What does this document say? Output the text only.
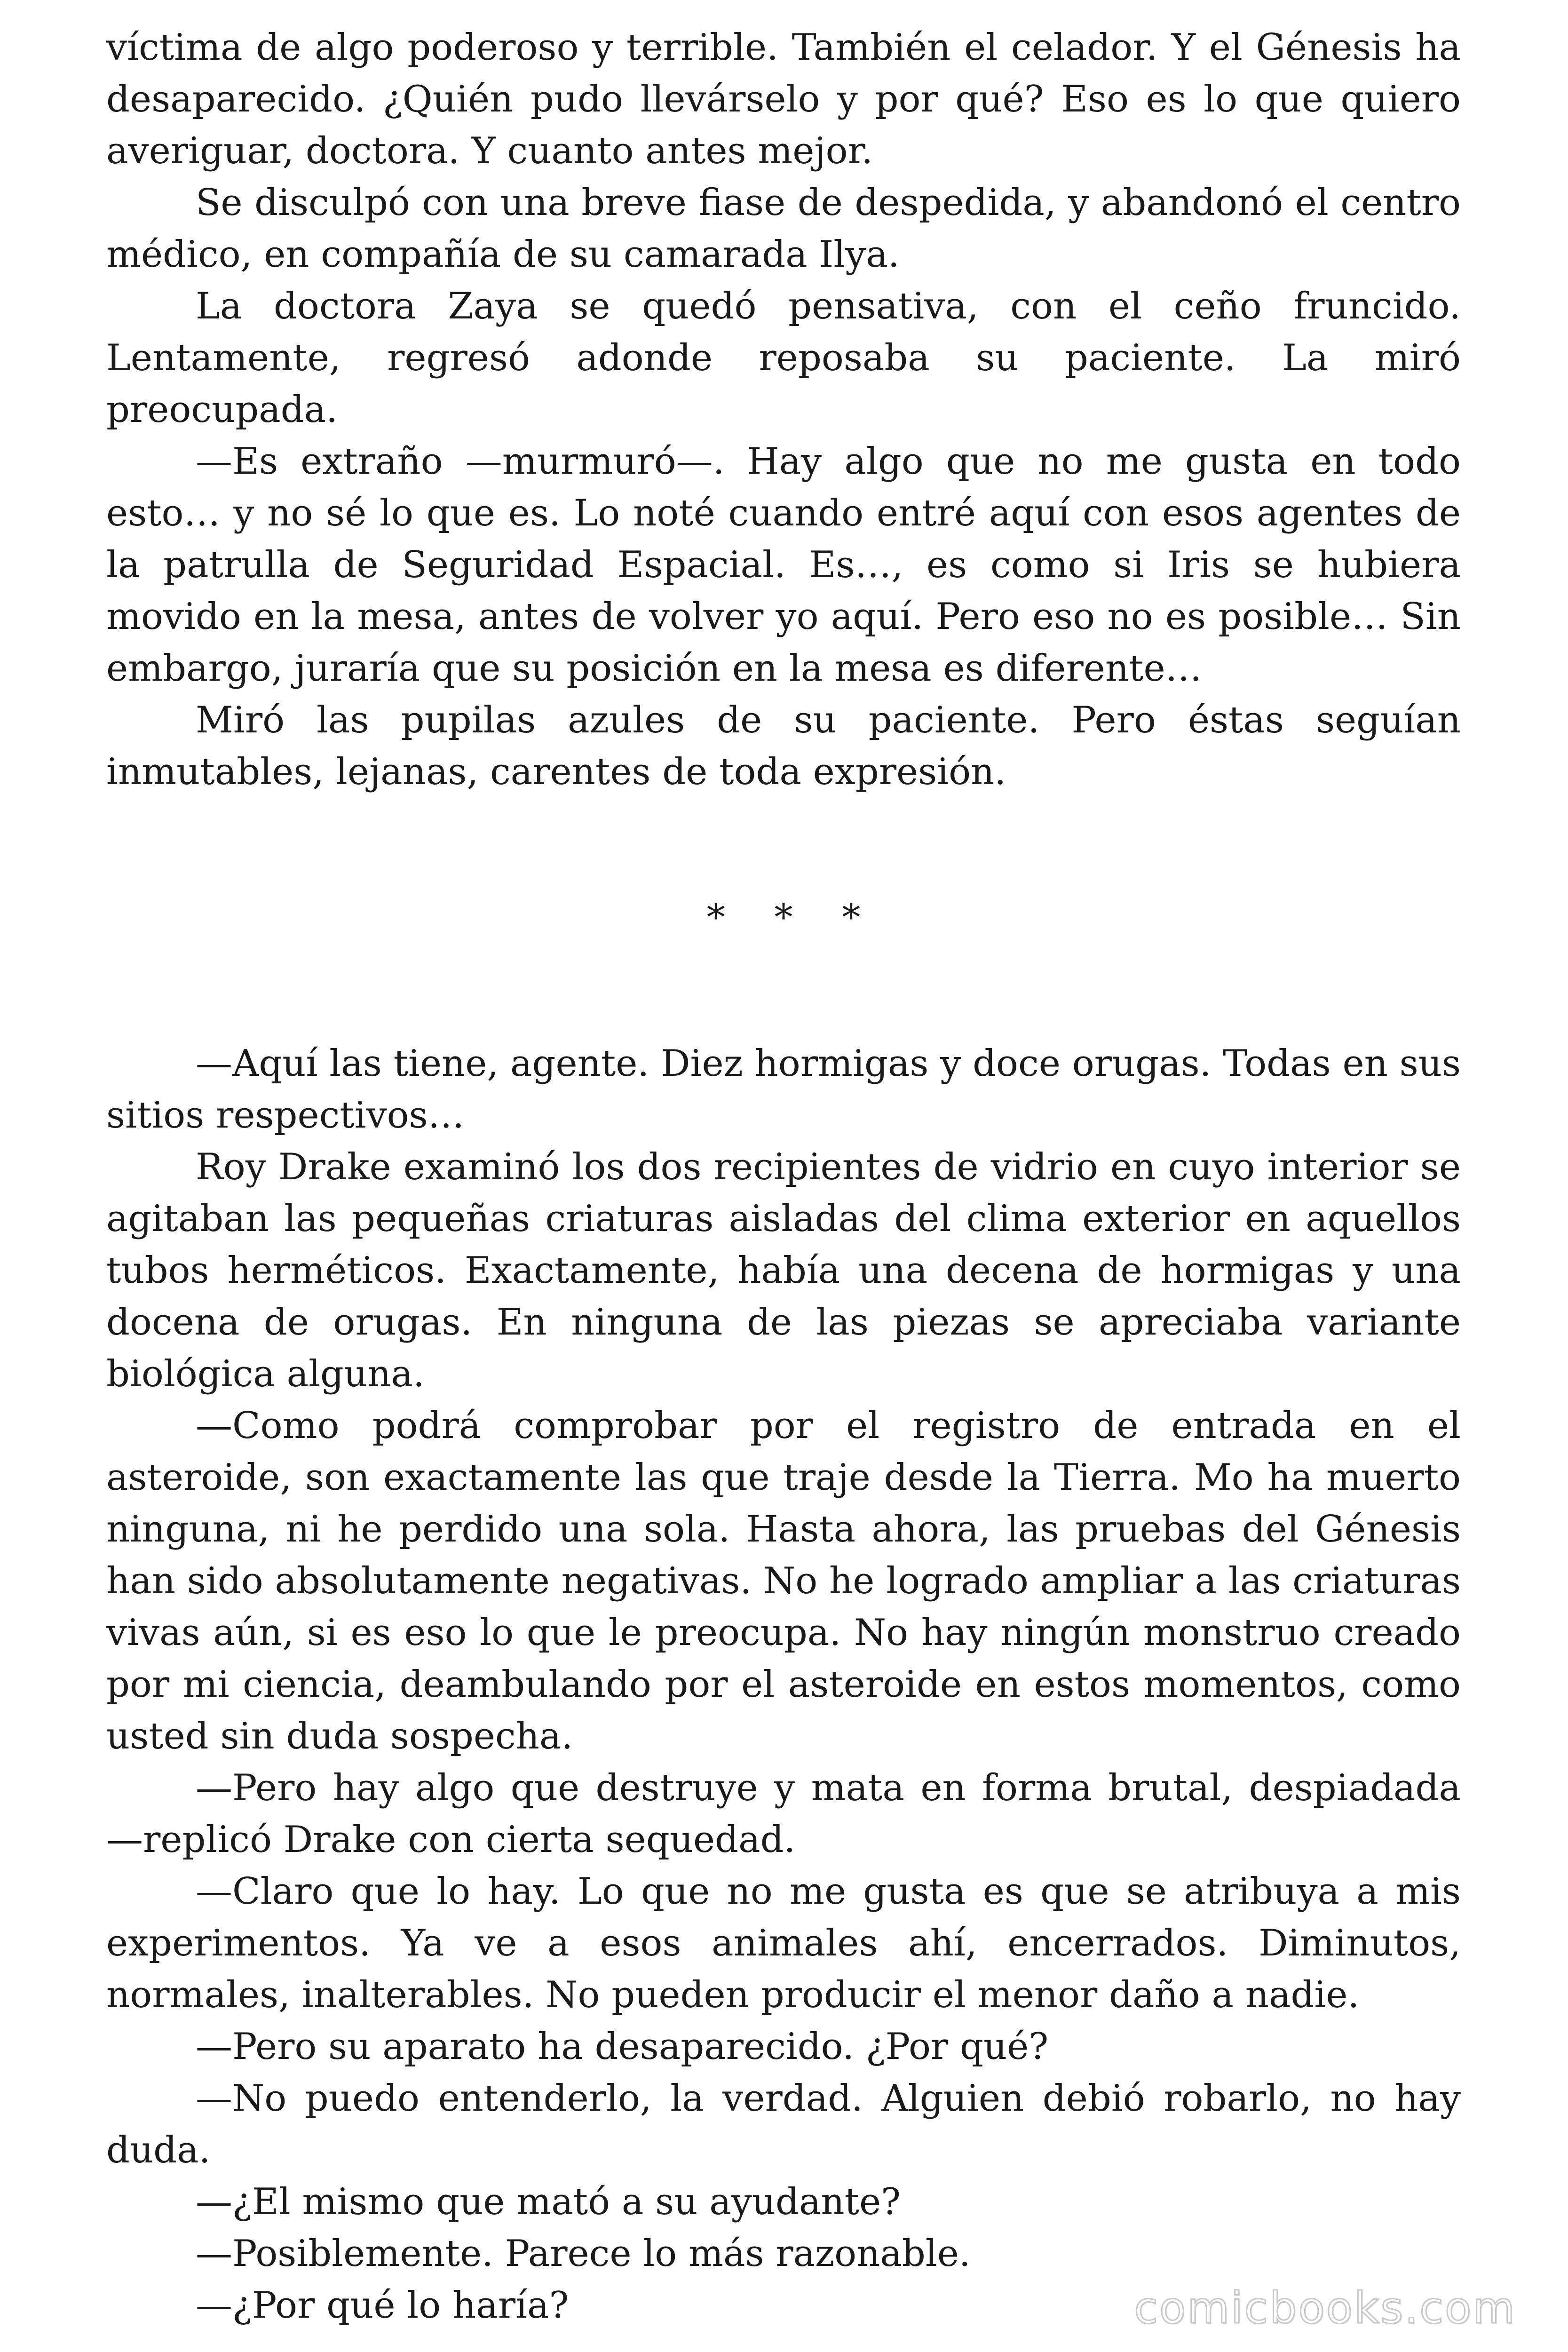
víctima de algo poderoso y terrible. También el celador. Y el Génesis ha desaparecido. ¿Quién pudo llevárselo y por qué? Eso es lo que quiero averiguar, doctora. Y cuanto antes mejor.

Se disculpó con una breve fiase de despedida, y abandonó el centro médico, en compañía de su camarada Ilya.

La doctora Zaya se quedó pensativa, con el ceño fruncido. Lentamente, regresó adonde reposaba su paciente. La miró preocupada.

—Es extraño —murmuró—. Hay algo que no me gusta en todo esto… y no sé lo que es. Lo noté cuando entré aquí con esos agentes de la patrulla de Seguridad Espacial. Es…, es como si Iris se hubiera movido en la mesa, antes de volver yo aquí. Pero eso no es posible… Sin embargo, juraría que su posición en la mesa es diferente…

Miró las pupilas azules de su paciente. Pero éstas seguían inmutables, lejanas, carentes de toda expresión.

* * *

—Aquí las tiene, agente. Diez hormigas y doce orugas. Todas en sus sitios respectivos…

Roy Drake examinó los dos recipientes de vidrio en cuyo interior se agitaban las pequeñas criaturas aisladas del clima exterior en aquellos tubos herméticos. Exactamente, había una decena de hormigas y una docena de orugas. En ninguna de las piezas se apreciaba variante biológica alguna.

—Como podrá comprobar por el registro de entrada en el asteroide, son exactamente las que traje desde la Tierra. Mo ha muerto ninguna, ni he perdido una sola. Hasta ahora, las pruebas del Génesis han sido absolutamente negativas. No he logrado ampliar a las criaturas vivas aún, si es eso lo que le preocupa. No hay ningún monstruo creado por mi ciencia, deambulando por el asteroide en estos momentos, como usted sin duda sospecha.

—Pero hay algo que destruye y mata en forma brutal, despiadada —replicó Drake con cierta sequedad.

—Claro que lo hay. Lo que no me gusta es que se atribuya a mis experimentos. Ya ve a esos animales ahí, encerrados. Diminutos, normales, inalterables. No pueden producir el menor daño a nadie.

—Pero su aparato ha desaparecido. ¿Por qué?

—No puedo entenderlo, la verdad. Alguien debió robarlo, no hay duda.

—¿El mismo que mató a su ayudante?

—Posiblemente. Parece lo más razonable.

—¿Por qué lo haría?	comicbooks.com
